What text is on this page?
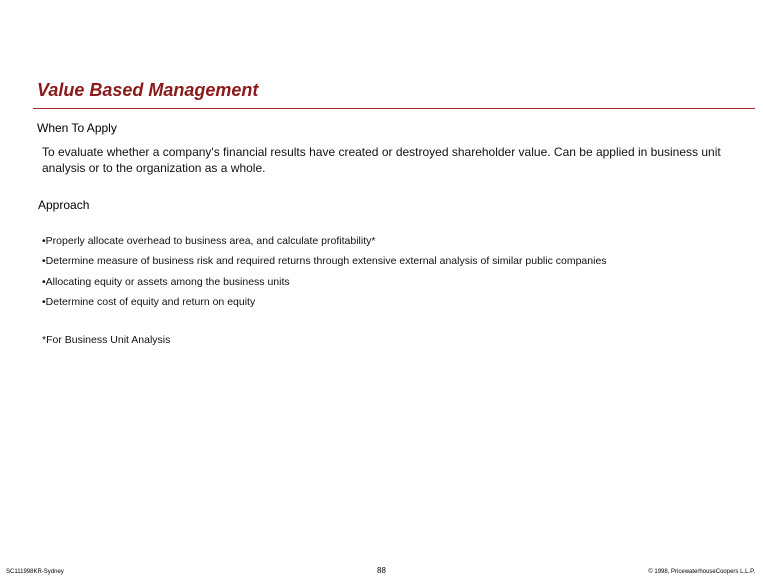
Value Based Management
When To Apply
To evaluate whether a company's financial results have created or destroyed shareholder value. Can be applied in business unit analysis or to the organization as a whole.
Approach
•Properly allocate overhead to business area, and calculate profitability*
•Determine measure of business risk and required returns through extensive external analysis of similar public companies
•Allocating equity or assets among the business units
•Determine cost of equity and return on equity
*For Business Unit Analysis
SC111998KR-Sydney	88	© 1998, PricewaterhouseCoopers L.L.P.
